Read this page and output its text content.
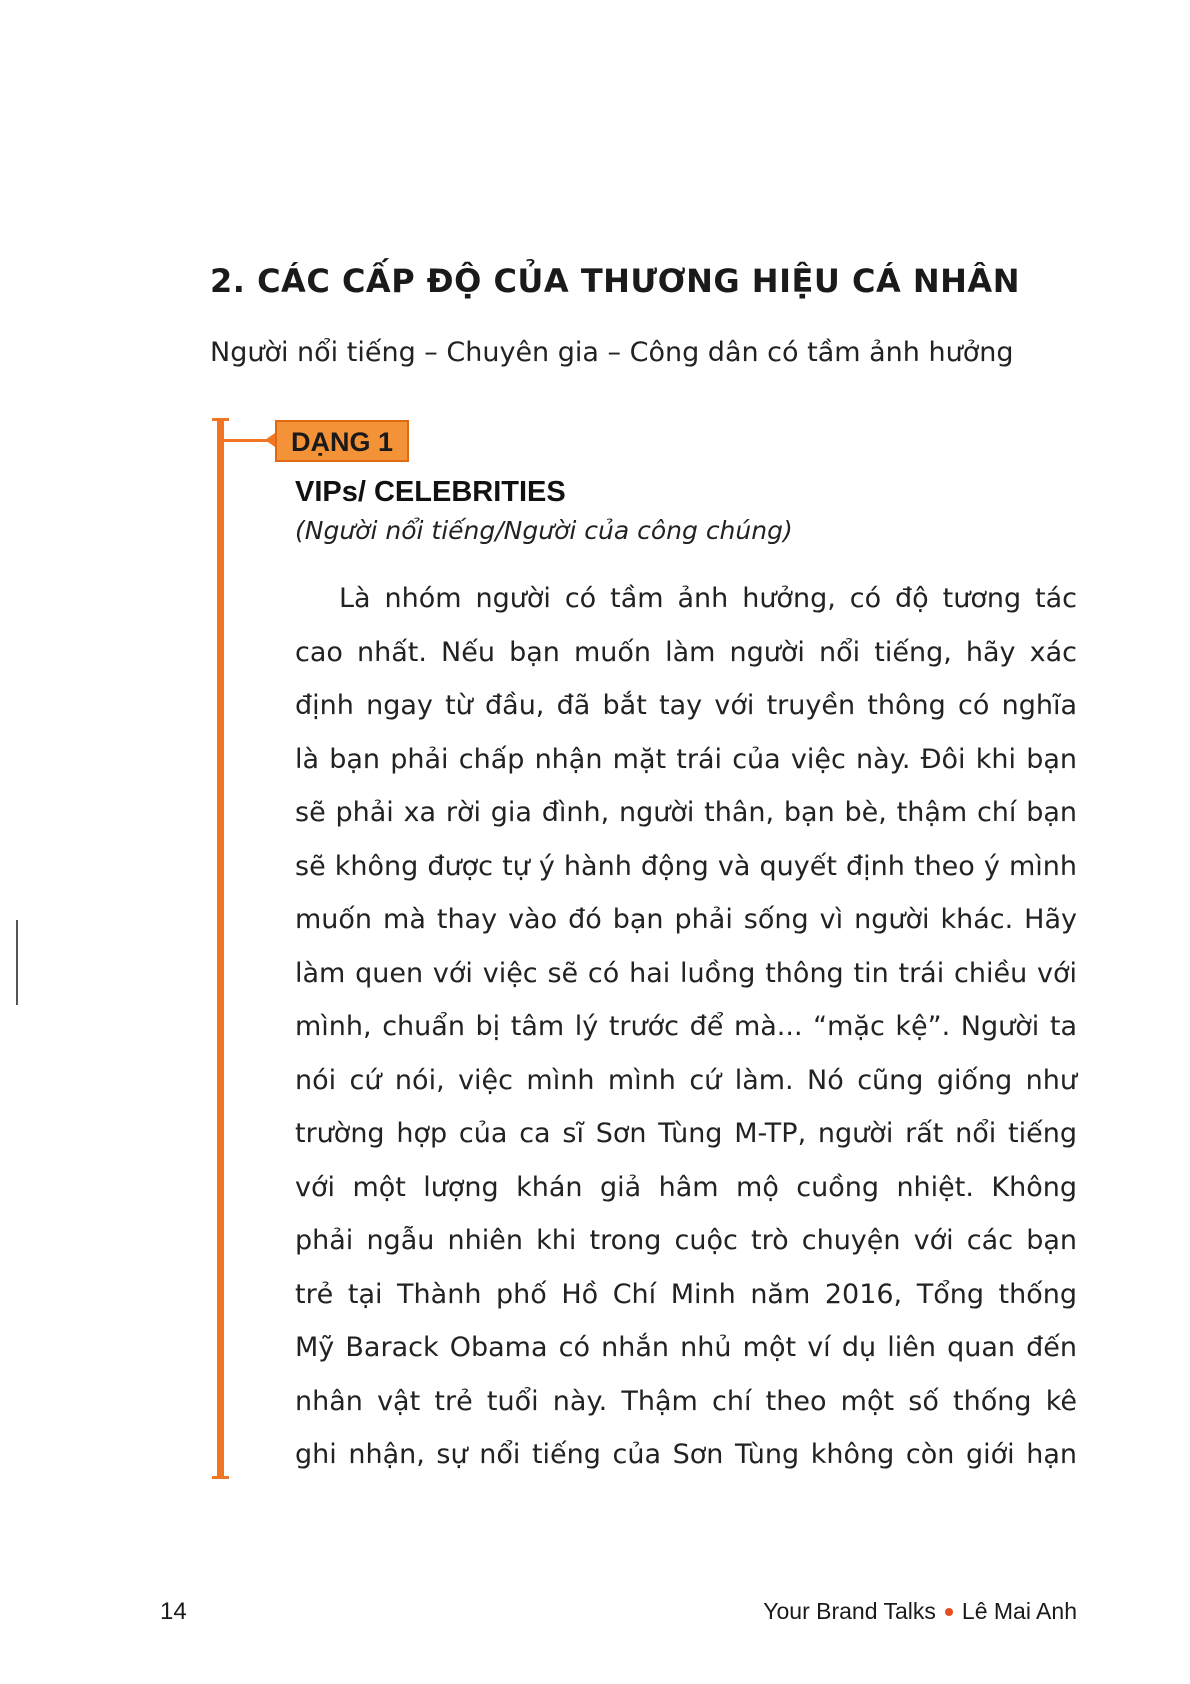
2. CÁC CẤP ĐỘ CỦA THƯƠNG HIỆU CÁ NHÂN

Người nổi tiếng – Chuyên gia – Công dân có tầm ảnh hưởng

DẠNG 1
VIPs/ CELEBRITIES

(Người nổi tiếng/Người của công chúng)

Là nhóm người có tầm ảnh hưởng, có độ tương tác
cao nhất. Nếu bạn muốn làm người nổi tiếng, hãy xác
định ngay từ đầu, đã bắt tay với truyền thông có nghĩa
là bạn phải chấp nhận mặt trái của việc này. Đôi khi bạn
sẽ phải xa rời gia đình, người thân, bạn bè, thậm chí bạn
sẽ không được tự ý hành động và quyết định theo ý mình
muốn mà thay vào đó bạn phải sống vì người khác. Hãy
làm quen với việc sẽ có hai luồng thông tin trái chiều với
mình, chuẩn bị tâm lý trước để mà... “mặc kệ”. Người ta
nói cứ nói, việc mình mình cứ làm. Nó cũng giống như
trường hợp của ca sĩ Sơn Tùng M-TP, người rất nổi tiếng
với một lượng khán giả hâm mộ cuồng nhiệt. Không
phải ngẫu nhiên khi trong cuộc trò chuyện với các bạn
trẻ tại Thành phố Hồ Chí Minh năm 2016, Tổng thống
Mỹ Barack Obama có nhắn nhủ một ví dụ liên quan đến
nhân vật trẻ tuổi này. Thậm chí theo một số thống kê
ghi nhận, sự nổi tiếng của Sơn Tùng không còn giới hạn
14	Your Brand Talks Lê Mai Anh
